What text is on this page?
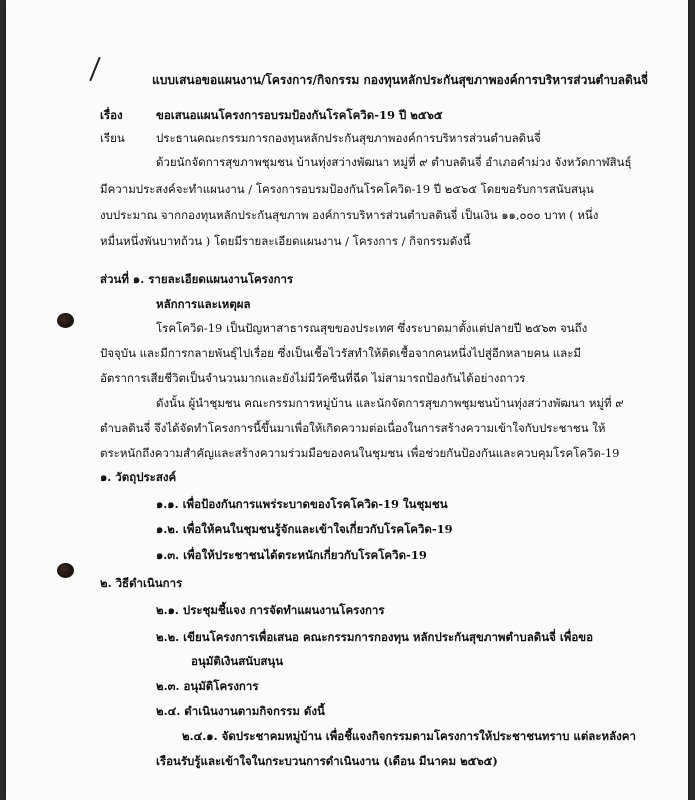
แบบเสนอขอแผนงาน/โครงการ/กิจกรรม กองทุนหลักประกันสุขภาพองค์การบริหารส่วนตำบลดินจี่
เรื่อง	ขอเสนอแผนโครงการอบรมป้องกันโรคโควิด-19 ปี ๒๕๖๕
เรียน	ประธานคณะกรรมการกองทุนหลักประกันสุขภาพองค์การบริหารส่วนตำบลดินจี่
ด้วยนักจัดการสุขภาพชุมชน บ้านทุ่งสว่างพัฒนา หมู่ที่ ๙ ตำบลดินจี่ อำเภอคำม่วง จังหวัดกาฬสินธุ์
มีความประสงค์จะทำแผนงาน / โครงการอบรมป้องกันโรคโควิด-19 ปี ๒๕๖๕ โดยขอรับการสนับสนุน
งบประมาณ จากกองทุนหลักประกันสุขภาพ องค์การบริหารส่วนตำบลดินจี่ เป็นเงิน ๑๑,๐๐๐ บาท ( หนึ่ง
หมื่นหนึ่งพันบาทถ้วน ) โดยมีรายละเอียดแผนงาน / โครงการ / กิจกรรมดังนี้
ส่วนที่ ๑. รายละเอียดแผนงานโครงการ
หลักการและเหตุผล
โรคโควิด-19 เป็นปัญหาสาธารณสุขของประเทศ ซึ่งระบาดมาตั้งแต่ปลายปี ๒๕๖๓ จนถึง
ปัจจุบัน และมีการกลายพันธุ์ไปเรื่อย ซึ่งเป็นเชื้อไวรัสทำให้ติดเชื้อจากคนหนึ่งไปสู่อีกหลายคน และมี
อัตราการเสียชีวิตเป็นจำนวนมากและยังไม่มีวัคซีนที่ฉีด ไม่สามารถป้องกันได้อย่างถาวร
ดังนั้น ผู้นำชุมชน คณะกรรมการหมู่บ้าน และนักจัดการสุขภาพชุมชนบ้านทุ่งสว่างพัฒนา หมู่ที่ ๙
ตำบลดินจี่ จึงได้จัดทำโครงการนี้ขึ้นมาเพื่อให้เกิดความต่อเนื่องในการสร้างความเข้าใจกับประชาชน ให้
ตระหนักถึงความสำคัญและสร้างความร่วมมือของคนในชุมชน เพื่อช่วยกันป้องกันและควบคุมโรคโควิด-19
๑. วัตถุประสงค์
๑.๑. เพื่อป้องกันการแพร่ระบาดของโรคโควิด-19 ในชุมชน
๑.๒. เพื่อให้คนในชุมชนรู้จักและเข้าใจเกี่ยวกับโรคโควิด-19
๑.๓. เพื่อให้ประชาชนได้ตระหนักเกี่ยวกับโรคโควิด-19
๒. วิธีดำเนินการ
๒.๑. ประชุมชี้แจง การจัดทำแผนงานโครงการ
๒.๒. เขียนโครงการเพื่อเสนอ คณะกรรมการกองทุน หลักประกันสุขภาพตำบลดินจี่ เพื่อขอ
อนุมัติเงินสนับสนุน
๒.๓. อนุมัติโครงการ
๒.๔. ดำเนินงานตามกิจกรรม ดังนี้
๒.๔.๑. จัดประชาคมหมู่บ้าน เพื่อชี้แจงกิจกรรมตามโครงการให้ประชาชนทราบ แต่ละหลังคา
เรือนรับรู้และเข้าใจในกระบวนการดำเนินงาน (เดือน มีนาคม ๒๕๖๕)
